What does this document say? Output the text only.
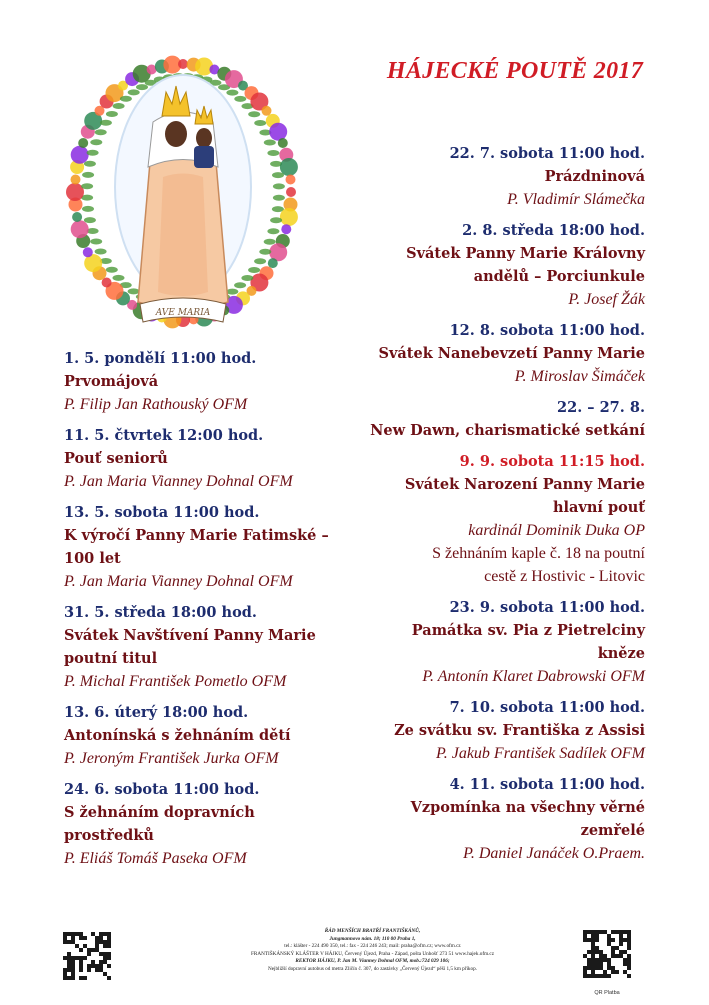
HÁJECKÉ POUTĚ 2017
AVE MARIA
1. 5. pondělí 11:00 hod.
Prvomájová
P. Filip Jan Rathouský OFM
11. 5. čtvrtek 12:00 hod.
Pouť seniorů
P. Jan Maria Vianney Dohnal OFM
13. 5. sobota 11:00 hod.
K výročí Panny Marie Fatimské –
100 let
P. Jan Maria Vianney Dohnal OFM
31. 5. středa 18:00 hod.
Svátek Navštívení Panny Marie
poutní titul
P. Michal František Pometlo OFM
13. 6. úterý 18:00 hod.
Antonínská s žehnáním dětí
P. Jeroným František Jurka OFM
24. 6. sobota 11:00 hod.
S žehnáním dopravních
prostředků
P. Eliáš Tomáš Paseka OFM
22. 7. sobota 11:00 hod.
Prázdninová
P. Vladimír Slámečka
2. 8. středa 18:00 hod.
Svátek Panny Marie Královny
andělů – Porciunkule
P. Josef Žák
12. 8. sobota 11:00 hod.
Svátek Nanebevzetí Panny Marie
P. Miroslav Šimáček
22. – 27. 8.
New Dawn, charismatické setkání
9. 9. sobota 11:15 hod.
Svátek Narození Panny Marie
hlavní pouť
kardinál Dominik Duka OP
S žehnáním kaple č. 18 na poutní
cestě z Hostivic - Litovic
23. 9. sobota 11:00 hod.
Památka sv. Pia z Pietrelciny
kněze
P. Antonín Klaret Dabrowski OFM
7. 10. sobota 11:00 hod.
Ze svátku sv. Františka z Assisi
P. Jakub František Sadílek OFM
4. 11. sobota 11:00 hod.
Vzpomínka na všechny věrné
zemřelé
P. Daniel Janáček O.Praem.
ŘÁD MENŠÍCH BRATŘÍ FRANTIŠKÁNŮ,
Jungmannovo nám. 18; 110 00 Praha 1,
tel.: klášter - 224 490 350, tel.: fax - 224 246 243; mail: praha@ofm.cz; www.ofm.cz
FRANTIŠKÁNSKÝ KLÁŠTER V HÁJKU, Červený Újezd, Praha - Západ, pošta Unhošť 273 51 www.hajek.ofm.cz
REKTOR HÁJKU, P. Jan M. Vianney Dohnal OFM, mob.:724 029 106;
Nejbližší dopravní autobus od metra Zličín č. 307, do zastávky „Červený Újezd“ pěší 1,5 km příkop.
QR Platba
